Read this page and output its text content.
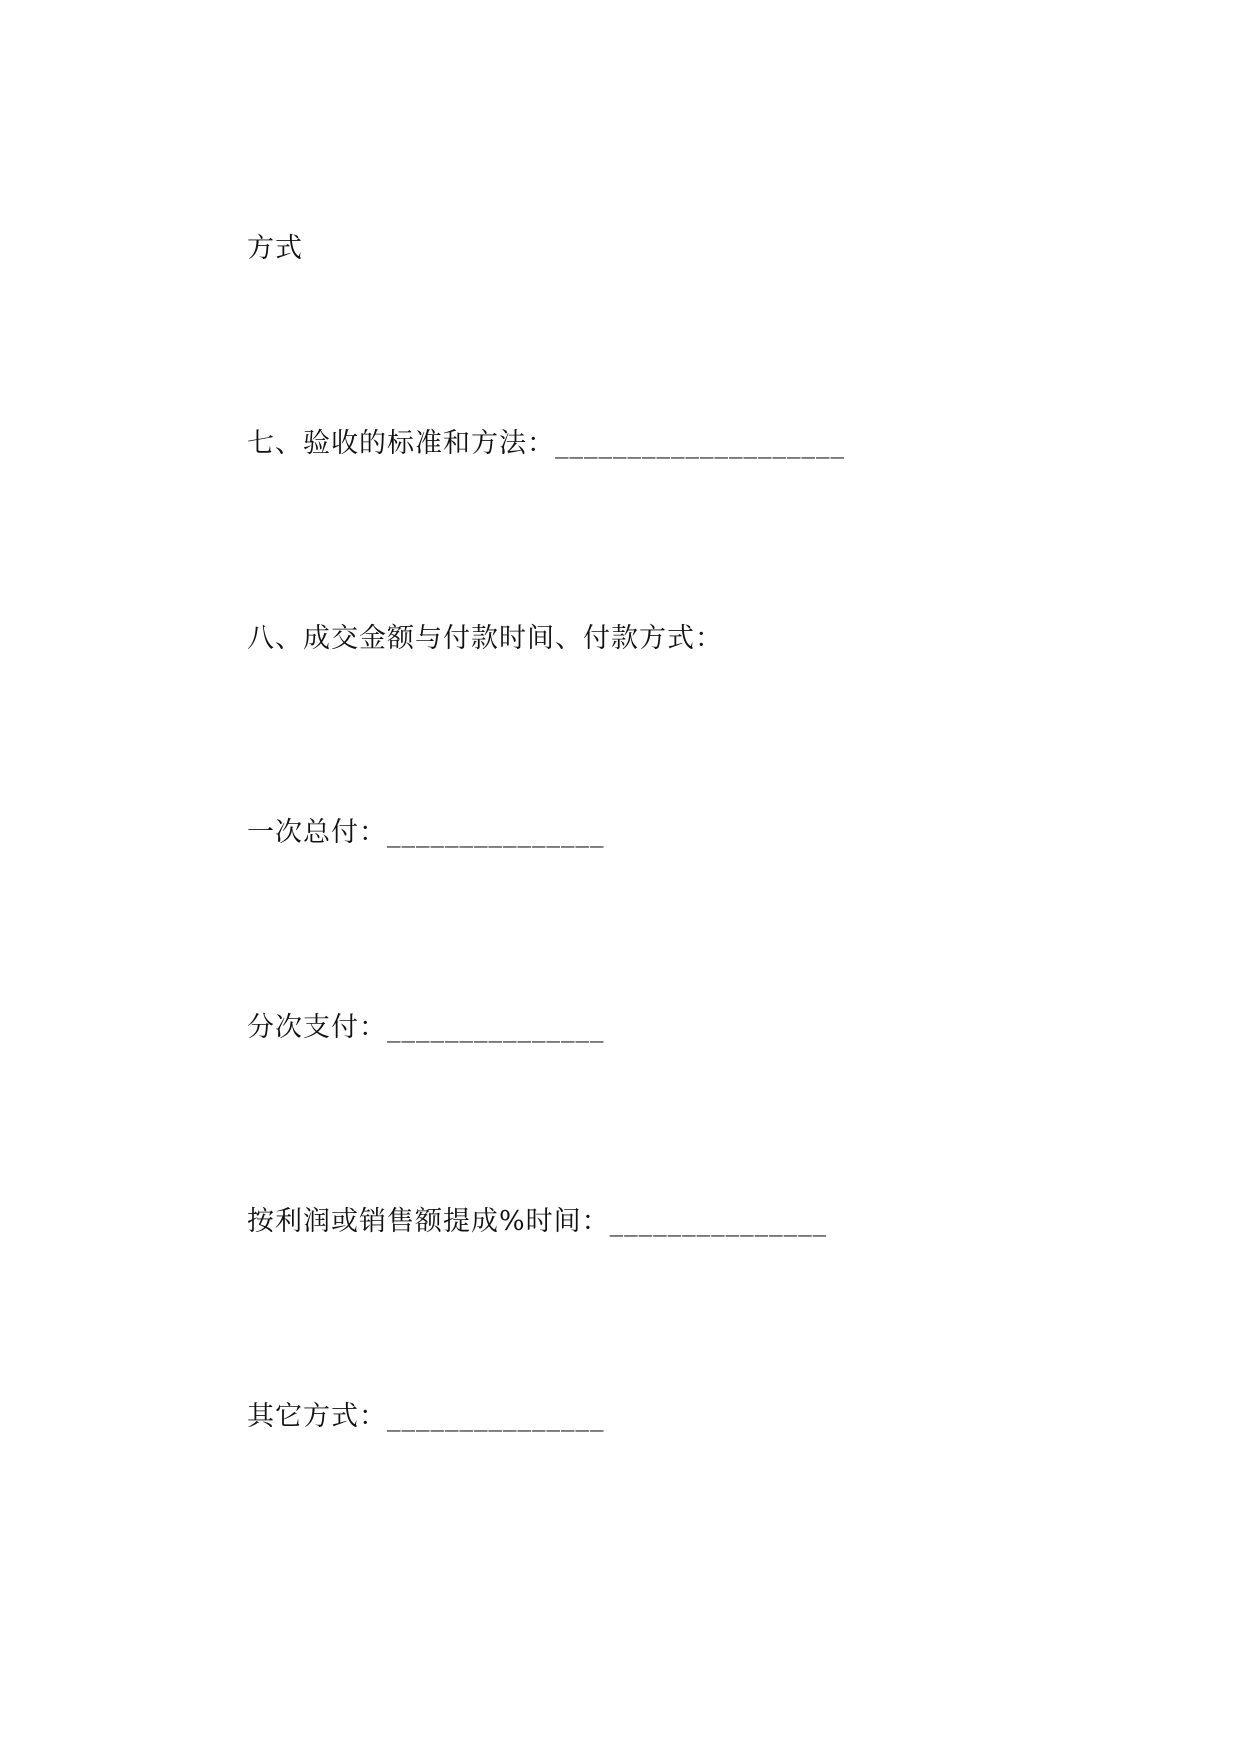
方式
七、验收的标准和方法：____________________
八、成交金额与付款时间、付款方式：
一次总付：_______________
分次支付：_______________
按利润或销售额提成%时间：_______________
其它方式：_______________
